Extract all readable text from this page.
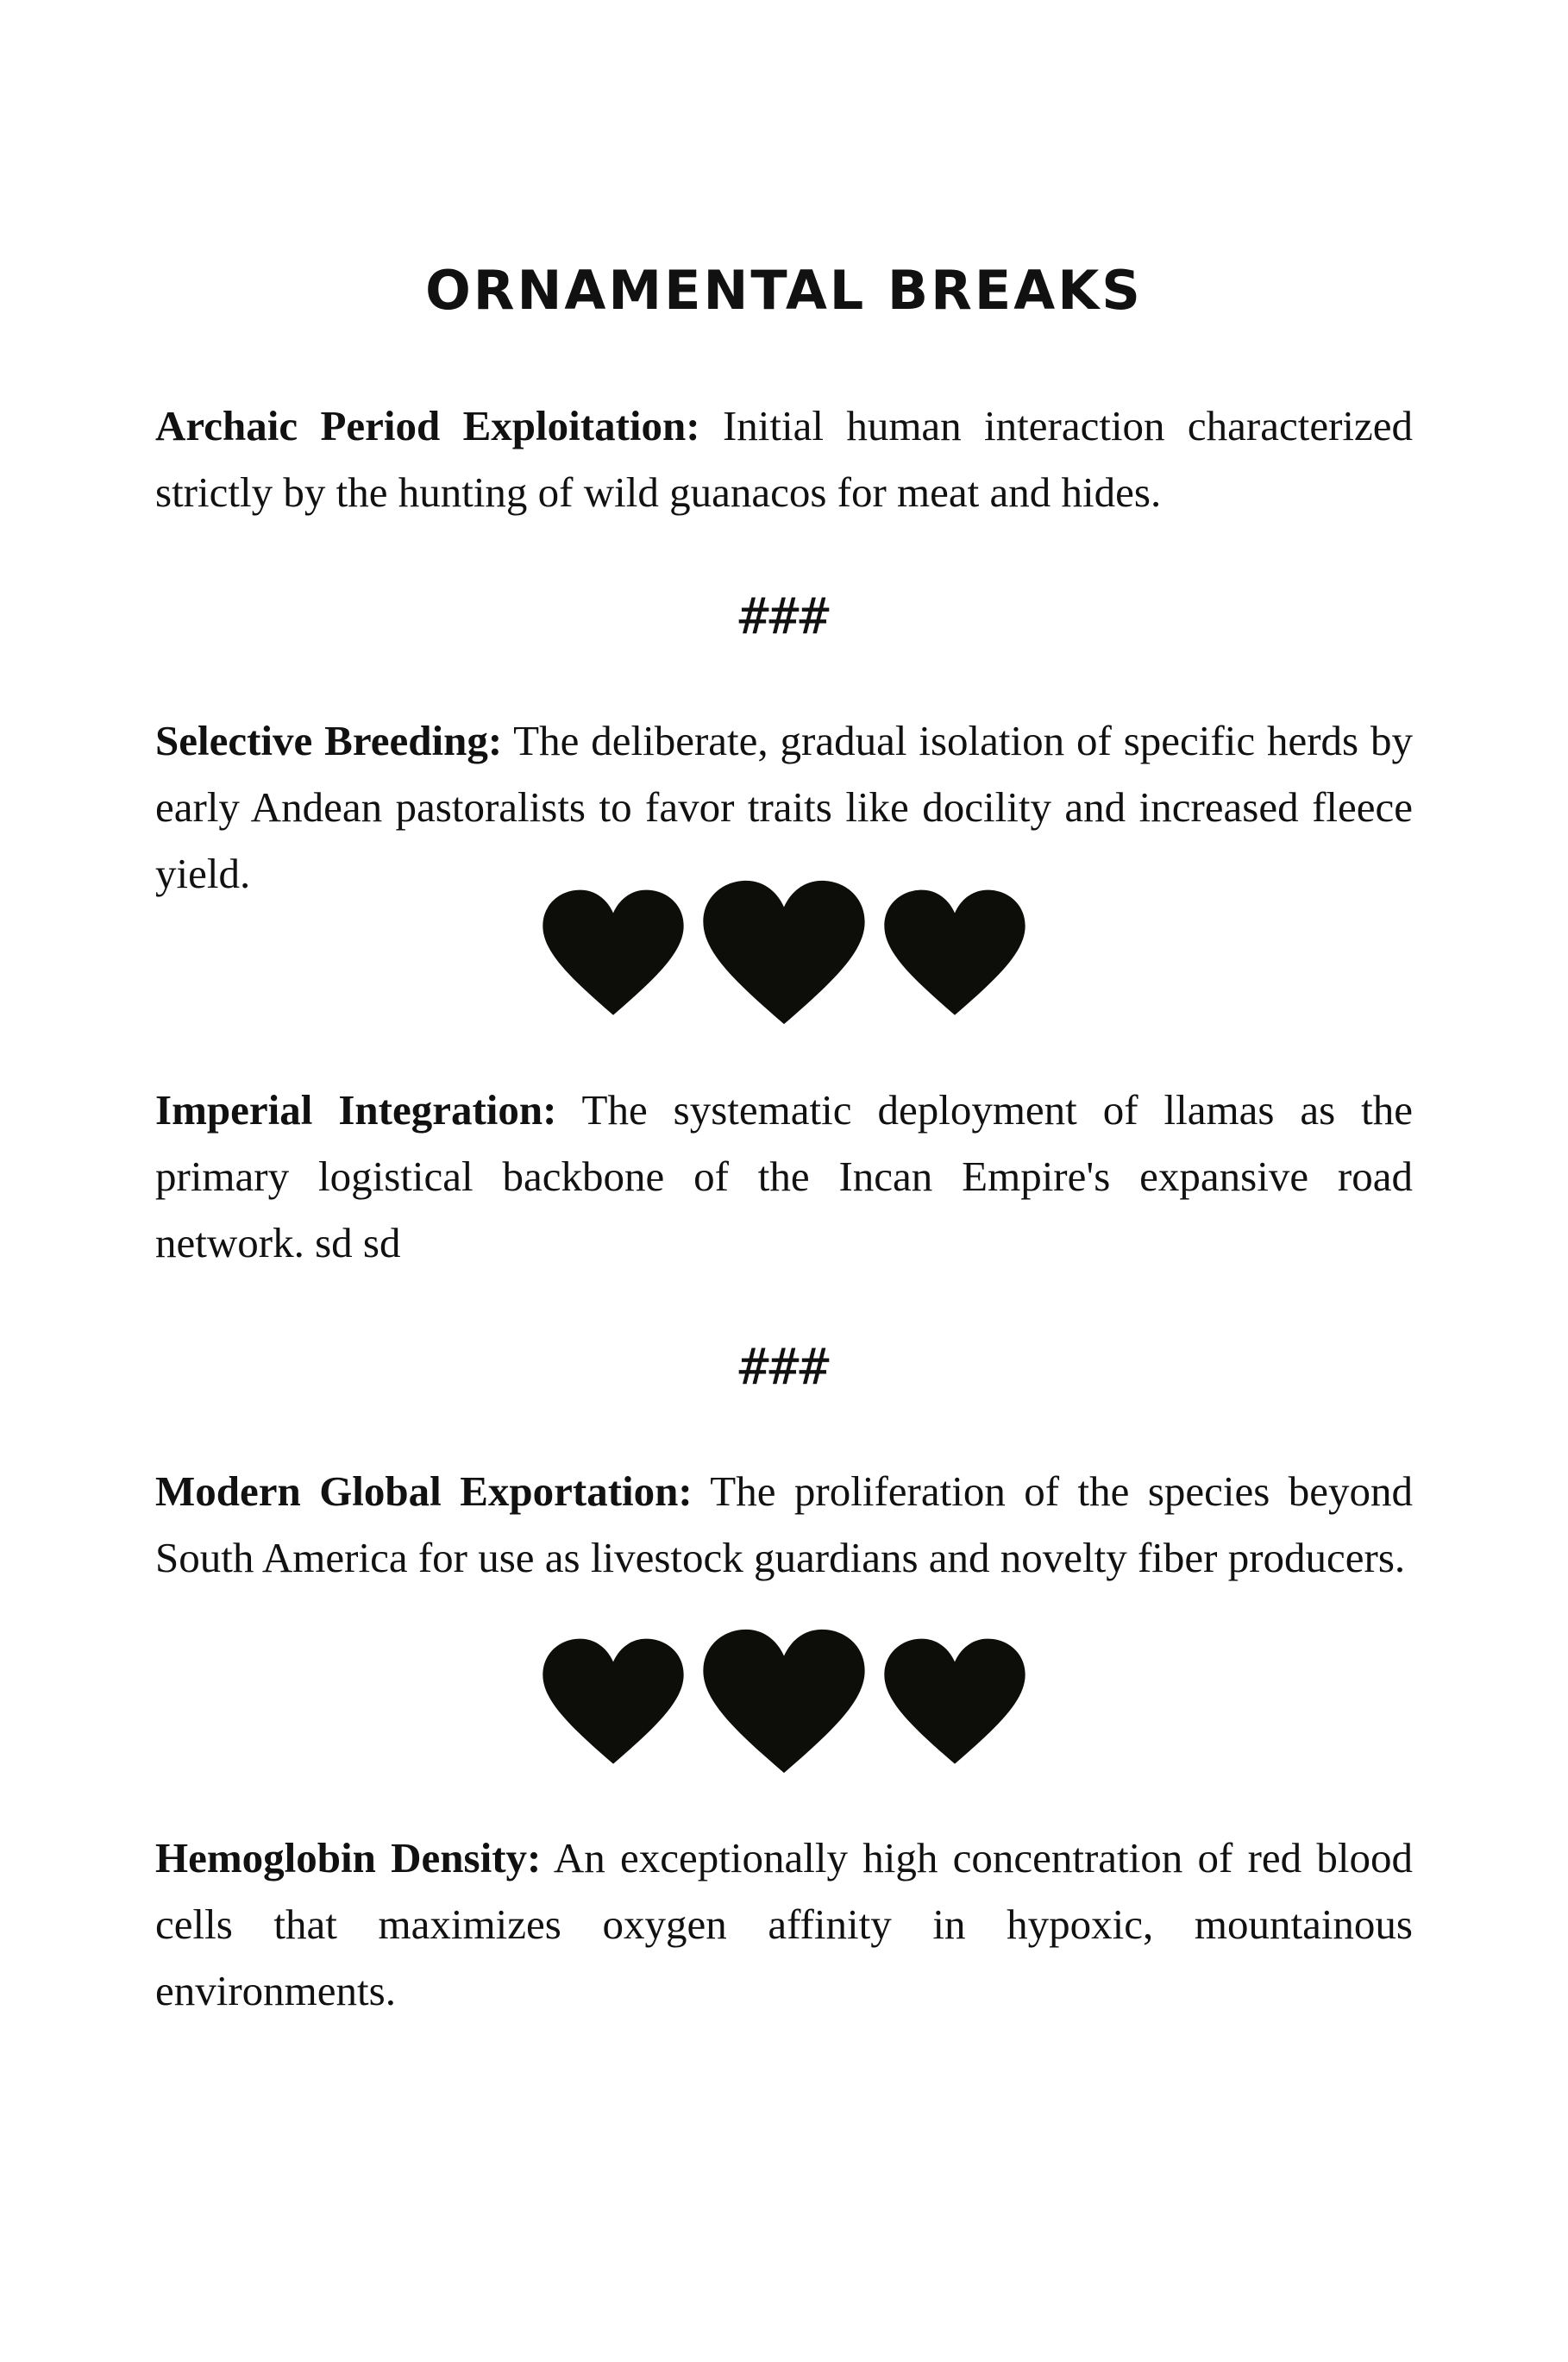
ORNAMENTAL BREAKS

Archaic Period Exploitation: Initial human interaction characterized strictly by the hunting of wild guanacos for meat and hides.

###

Selective Breeding: The deliberate, gradual isolation of specific herds by early Andean pastoralists to favor traits like docility and increased fleece yield.

Imperial Integration: The systematic deployment of llamas as the primary logistical backbone of the Incan Empire's expansive road network. sd sd

###

Modern Global Exportation: The proliferation of the species beyond South America for use as livestock guardians and novelty fiber producers.

Hemoglobin Density: An exceptionally high concentration of red blood cells that maximizes oxygen affinity in hypoxic, mountainous environments.
